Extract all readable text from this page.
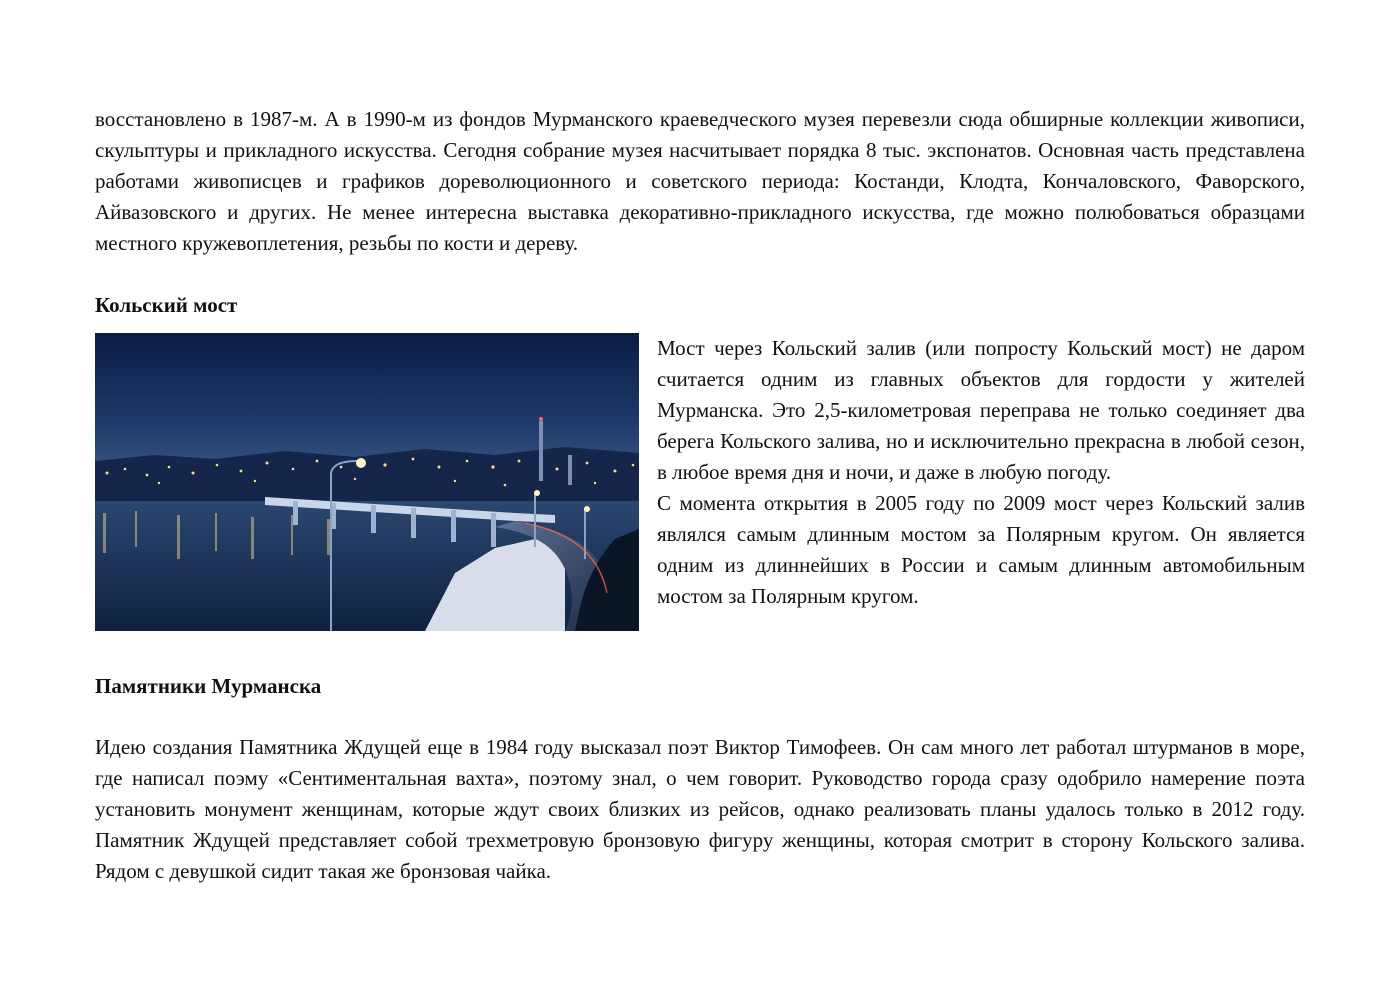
восстановлено в 1987-м. А в 1990-м из фондов Мурманского краеведческого музея перевезли сюда обширные коллекции живописи, скульптуры и прикладного искусства. Сегодня собрание музея насчитывает порядка 8 тыс. экспонатов. Основная часть представлена работами живописцев и графиков дореволюционного и советского периода: Костанди, Клодта, Кончаловского, Фаворского, Айвазовского и других. Не менее интересна выставка декоративно-прикладного искусства, где можно полюбоваться образцами местного кружевоплетения, резьбы по кости и дереву.

Кольский мост

Мост через Кольский залив (или попросту Кольский мост) не даром считается одним из главных объектов для гордости у жителей Мурманска. Это 2,5-километровая переправа не только соединяет два берега Кольского залива, но и исключительно прекрасна в любой сезон, в любое время дня и ночи, и даже в любую погоду.

С момента открытия в 2005 году по 2009 мост через Кольский залив являлся самым длинным мостом за Полярным кругом. Он является одним из длиннейших в России и самым длинным автомобильным мостом за Полярным кругом.

Памятники Мурманска

Идею создания Памятника Ждущей еще в 1984 году высказал поэт Виктор Тимофеев. Он сам много лет работал штурманов в море, где написал поэму «Сентиментальная вахта», поэтому знал, о чем говорит. Руководство города сразу одобрило намерение поэта установить монумент женщинам, которые ждут своих близких из рейсов, однако реализовать планы удалось только в 2012 году. Памятник Ждущей представляет собой трехметровую бронзовую фигуру женщины, которая смотрит в сторону Кольского залива. Рядом с девушкой сидит такая же бронзовая чайка.
